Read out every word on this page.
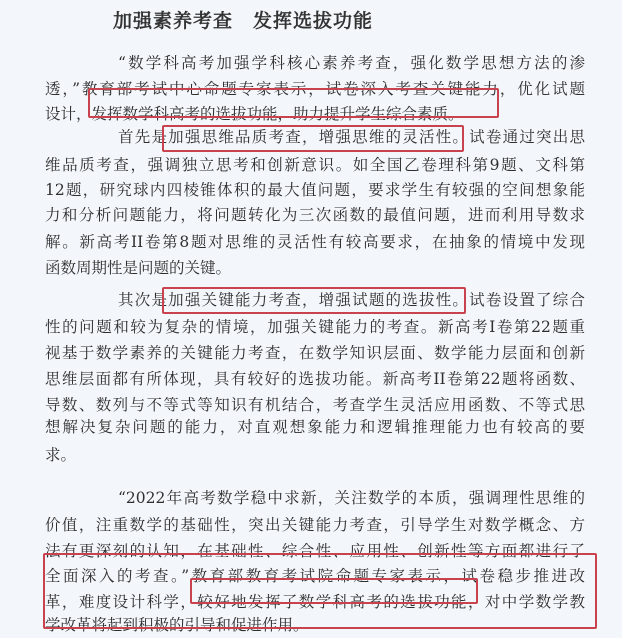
加强素养考查　发挥选拔功能
“数学科高考加强学科核心素养考查，强化数学思想方法的渗
透，”教育部考试中心命题专家表示，试卷深入考查关键能力，优化试题
设计，发挥数学科高考的选拔功能，助力提升学生综合素质。
首先是加强思维品质考查，增强思维的灵活性。试卷通过突出思
维品质考查，强调独立思考和创新意识。如全国乙卷理科第9题、文科第
12题，研究球内四棱锥体积的最大值问题，要求学生有较强的空间想象能
力和分析问题能力，将问题转化为三次函数的最值问题，进而利用导数求
解。新高考II卷第8题对思维的灵活性有较高要求，在抽象的情境中发现
函数周期性是问题的关键。
其次是加强关键能力考查，增强试题的选拔性。试卷设置了综合
性的问题和较为复杂的情境，加强关键能力的考查。新高考I卷第22题重
视基于数学素养的关键能力考查，在数学知识层面、数学能力层面和创新
思维层面都有所体现，具有较好的选拔功能。新高考II卷第22题将函数、
导数、数列与不等式等知识有机结合，考查学生灵活应用函数、不等式思
想解决复杂问题的能力，对直观想象能力和逻辑推理能力也有较高的要
求。
“2022年高考数学稳中求新，关注数学的本质，强调理性思维的
价值，注重数学的基础性，突出关键能力考查，引导学生对数学概念、方
法有更深刻的认知，在基础性、综合性、应用性、创新性等方面都进行了
全面深入的考查。”教育部教育考试院命题专家表示，试卷稳步推进改
革，难度设计科学，较好地发挥了数学科高考的选拔功能，对中学数学教
学改革将起到积极的引导和促进作用。
